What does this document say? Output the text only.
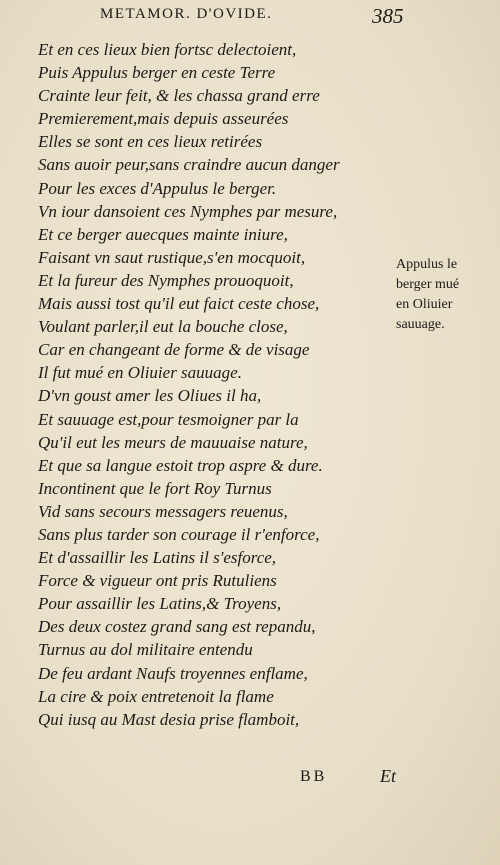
METAMOR. D'OVIDE.	385
Et en ces lieux bien fortsc delectoient,
Puis Appulus berger en ceste Terre
Crainte leur feit, & les chassa grand erre
Premierement,mais depuis asseurées
Elles se sont en ces lieux retirées
Sans auoir peur,sans craindre aucun danger
Pour les exces d'Appulus le berger.
Vn iour dansoient ces Nymphes par mesure,
Et ce berger auecques mainte iniure,
Faisant vn saut rustique,s'en mocquoit,
Et la fureur des Nymphes prouoquoit,
Mais aussi tost qu'il eut faict ceste chose,
Voulant parler,il eut la bouche close,
Car en changeant de forme & de visage
Il fut mué en Oliuier sauuage.
D'vn goust amer les Oliues il ha,
Et sauuage est,pour tesmoigner par la
Qu'il eut les meurs de mauuaise nature,
Et que sa langue estoit trop aspre & dure.
Incontinent que le fort Roy Turnus
Vid sans secours messagers reuenus,
Sans plus tarder son courage il r'enforce,
Et d'assaillir les Latins il s'esforce,
Force & vigueur ont pris Rutuliens
Pour assaillir les Latins,& Troyens,
Des deux costez grand sang est repandu,
Turnus au dol militaire entendu
De feu ardant Naufs troyennes enflame,
La cire & poix entretenoit la flame
Qui iusq au Mast desia prise flamboit,
Appulus le
berger mué
en Oliuier
sauuage.
BB	Et
